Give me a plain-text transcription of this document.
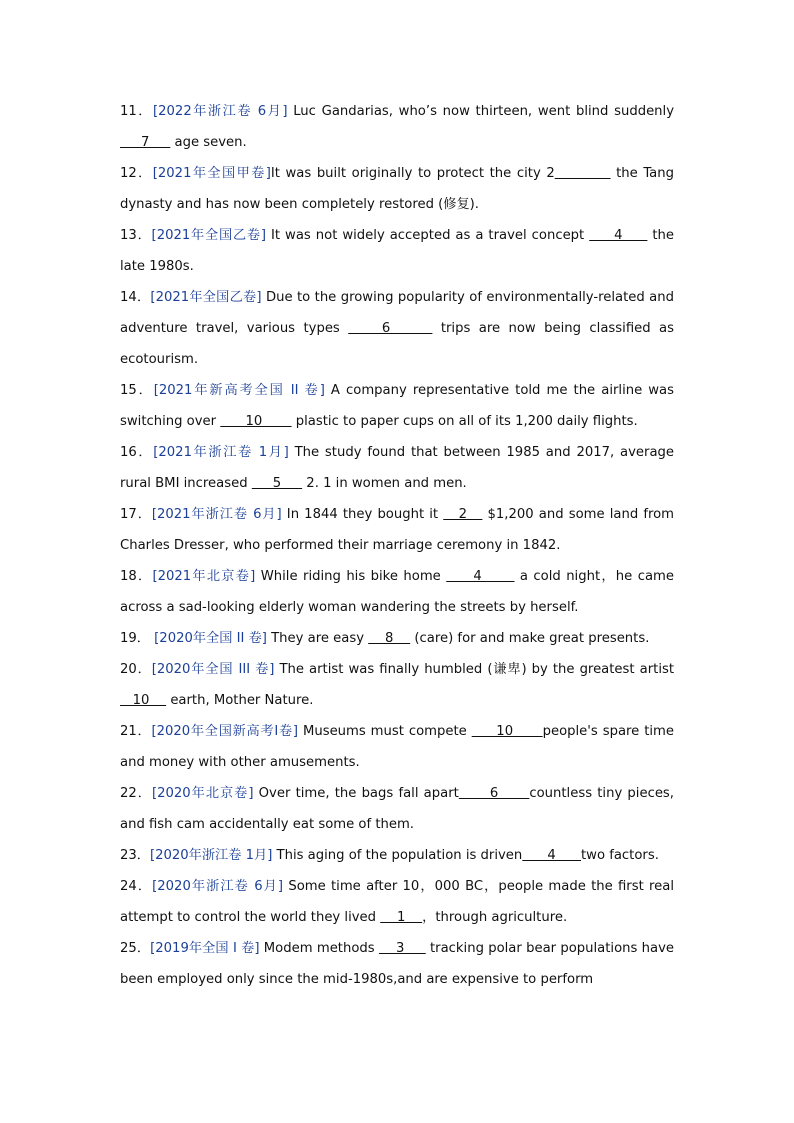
11．[2022年浙江卷 6月] Luc Gandarias, who’s now thirteen, went blind suddenly      7      age seven.

12．[2021年全国甲卷]It was built originally to protect the city 2	the Tang dynasty and has now been completely restored (修复).

13．[2021年全国乙卷] It was not widely accepted as a travel concept      4      the late 1980s.

14．[2021年全国乙卷] Due to the growing popularity of environmentally-related and adventure travel, various types     6      trips are now being classified as ecotourism.

15．[2021年新高考全国 II 卷] A company representative told me the airline was switching over       10        plastic to paper cups on all of its 1,200 daily flights.

16．[2021年浙江卷 1月] The study found that between 1985 and 2017, average rural BMI increased      5      2. 1 in women and men.

17．[2021年浙江卷 6月] In 1844 they bought it    2    $1,200 and some land from Charles Dresser, who performed their marriage ceremony in 1842.

18．[2021年北京卷] While riding his bike home      4       a cold night，he came across a sad-looking elderly woman wandering the streets by herself.

19． [2020年全国 II 卷] They are easy     8     (care) for and make great presents.

20．[2020年全国 III 卷] The artist was finally humbled (谦卑) by the greatest artist    10     earth, Mother Nature.

21．[2020年全国新高考Ⅰ卷] Museums must compete      10      people's spare time and money with other amusements.

22．[2020年北京卷] Over time, the bags fall apart      6      countless tiny pieces, and fish cam accidentally eat some of them.

23．[2020年浙江卷 1月] This aging of the population is driven      4      two factors.

24．[2020年浙江卷 6月] Some time after 10，000 BC，people made the first real attempt to control the world they lived     1    ，through agriculture.

25．[2019年全国 I 卷] Modem methods     3      tracking polar bear populations have been employed only since the mid-1980s,and are expensive to perform
